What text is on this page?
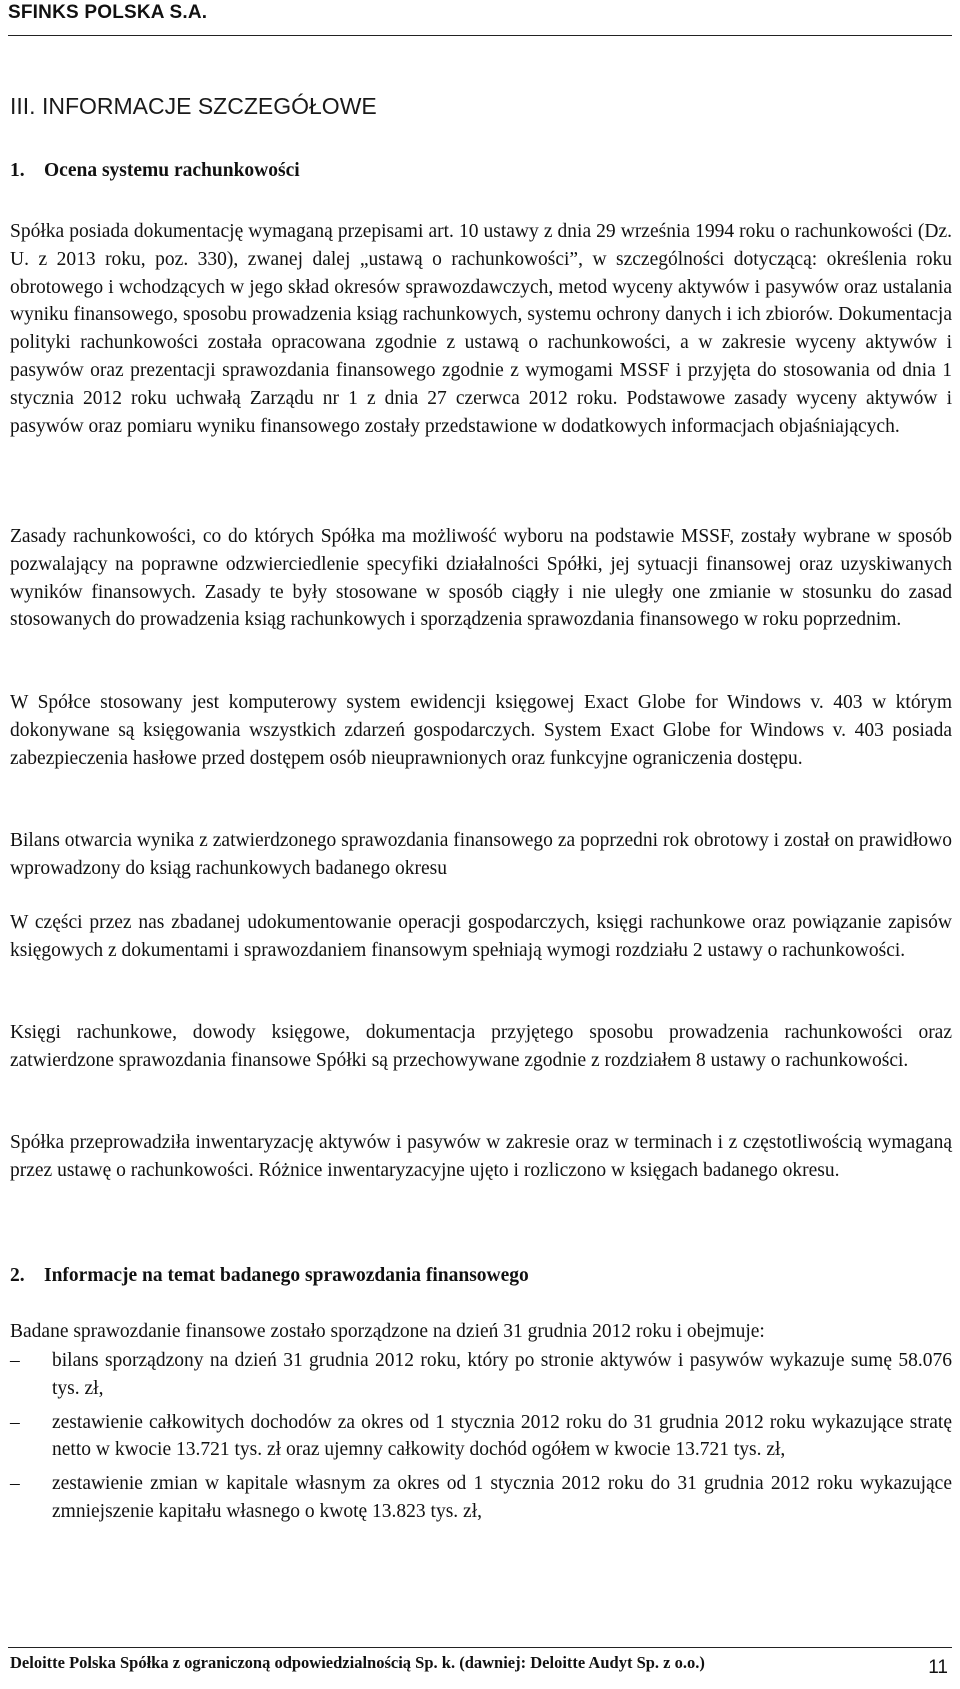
SFINKS POLSKA S.A.
III. INFORMACJE SZCZEGÓŁOWE
1. Ocena systemu rachunkowości

Spółka posiada dokumentację wymaganą przepisami art. 10 ustawy z dnia 29 września 1994 roku o rachunkowości (Dz. U. z 2013 roku, poz. 330), zwanej dalej „ustawą o rachunkowości”, w szczególności dotyczącą: określenia roku obrotowego i wchodzących w jego skład okresów sprawozdawczych, metod wyceny aktywów i pasywów oraz ustalania wyniku finansowego, sposobu prowadzenia ksiąg rachunkowych, systemu ochrony danych i ich zbiorów. Dokumentacja polityki rachunkowości została opracowana zgodnie z ustawą o rachunkowości, a w zakresie wyceny aktywów i pasywów oraz prezentacji sprawozdania finansowego zgodnie z wymogami MSSF i przyjęta do stosowania od dnia 1 stycznia 2012 roku uchwałą Zarządu nr 1 z dnia 27 czerwca 2012 roku. Podstawowe zasady wyceny aktywów i pasywów oraz pomiaru wyniku finansowego zostały przedstawione w dodatkowych informacjach objaśniających.

Zasady rachunkowości, co do których Spółka ma możliwość wyboru na podstawie MSSF, zostały wybrane w sposób pozwalający na poprawne odzwierciedlenie specyfiki działalności Spółki, jej sytuacji finansowej oraz uzyskiwanych wyników finansowych. Zasady te były stosowane w sposób ciągły i nie uległy one zmianie w stosunku do zasad stosowanych do prowadzenia ksiąg rachunkowych i sporządzenia sprawozdania finansowego w roku poprzednim.

W Spółce stosowany jest komputerowy system ewidencji księgowej Exact Globe for Windows v. 403 w którym dokonywane są księgowania wszystkich zdarzeń gospodarczych. System Exact Globe for Windows v. 403 posiada zabezpieczenia hasłowe przed dostępem osób nieuprawnionych oraz funkcyjne ograniczenia dostępu.

Bilans otwarcia wynika z zatwierdzonego sprawozdania finansowego za poprzedni rok obrotowy i został on prawidłowo wprowadzony do ksiąg rachunkowych badanego okresu

W części przez nas zbadanej udokumentowanie operacji gospodarczych, księgi rachunkowe oraz powiązanie zapisów księgowych z dokumentami i sprawozdaniem finansowym spełniają wymogi rozdziału 2 ustawy o rachunkowości.

Księgi rachunkowe, dowody księgowe, dokumentacja przyjętego sposobu prowadzenia rachunkowości oraz zatwierdzone sprawozdania finansowe Spółki są przechowywane zgodnie z rozdziałem 8 ustawy o rachunkowości.

Spółka przeprowadziła inwentaryzację aktywów i pasywów w zakresie oraz w terminach i z częstotliwością wymaganą przez ustawę o rachunkowości. Różnice inwentaryzacyjne ujęto i rozliczono w księgach badanego okresu.

2. Informacje na temat badanego sprawozdania finansowego

Badane sprawozdanie finansowe zostało sporządzone na dzień 31 grudnia 2012 roku i obejmuje:

–	bilans sporządzony na dzień 31 grudnia 2012 roku, który po stronie aktywów i pasywów wykazuje sumę 58.076 tys. zł,
–	zestawienie całkowitych dochodów za okres od 1 stycznia 2012 roku do 31 grudnia 2012 roku wykazujące stratę netto w kwocie 13.721 tys. zł oraz ujemny całkowity dochód ogółem w kwocie 13.721 tys. zł,
–	zestawienie zmian w kapitale własnym za okres od 1 stycznia 2012 roku do 31 grudnia 2012 roku wykazujące zmniejszenie kapitału własnego o kwotę 13.823 tys. zł,
Deloitte Polska Spółka z ograniczoną odpowiedzialnością Sp. k. (dawniej: Deloitte Audyt Sp. z o.o.)	11
